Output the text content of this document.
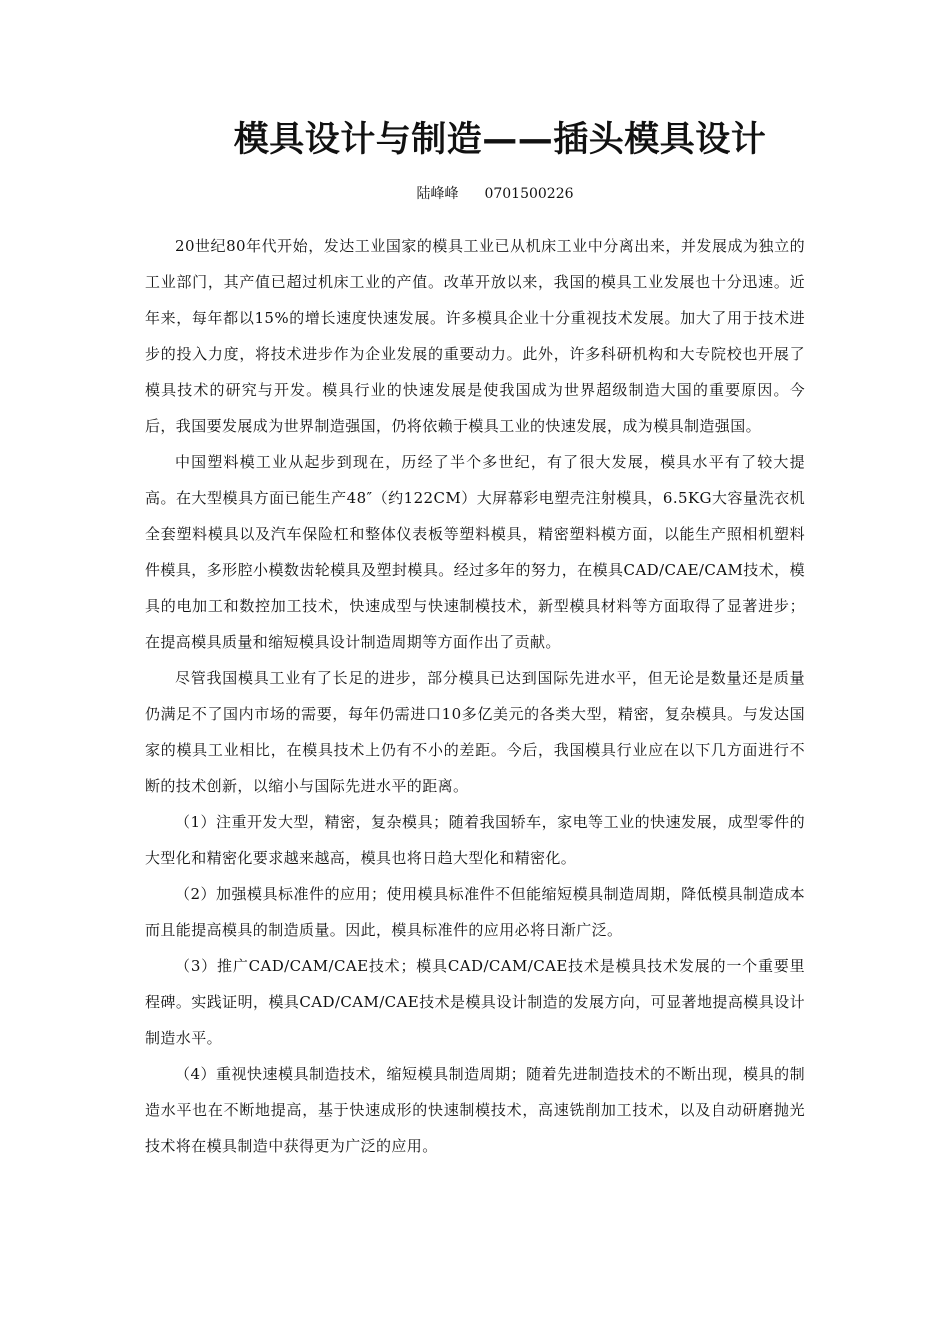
模具设计与制造——插头模具设计
陆峰峰 0701500226

20世纪80年代开始，发达工业国家的模具工业已从机床工业中分离出来，并发展成为独立的工业部门，其产值已超过机床工业的产值。改革开放以来，我国的模具工业发展也十分迅速。近年来，每年都以15%的增长速度快速发展。许多模具企业十分重视技术发展。加大了用于技术进步的投入力度，将技术进步作为企业发展的重要动力。此外，许多科研机构和大专院校也开展了模具技术的研究与开发。模具行业的快速发展是使我国成为世界超级制造大国的重要原因。今后，我国要发展成为世界制造强国，仍将依赖于模具工业的快速发展，成为模具制造强国。

中国塑料模工业从起步到现在，历经了半个多世纪，有了很大发展，模具水平有了较大提高。在大型模具方面已能生产48″（约122CM）大屏幕彩电塑壳注射模具，6.5KG大容量洗衣机全套塑料模具以及汽车保险杠和整体仪表板等塑料模具，精密塑料模方面，以能生产照相机塑料件模具，多形腔小模数齿轮模具及塑封模具。经过多年的努力，在模具CAD/CAE/CAM技术，模具的电加工和数控加工技术，快速成型与快速制模技术，新型模具材料等方面取得了显著进步；在提高模具质量和缩短模具设计制造周期等方面作出了贡献。

尽管我国模具工业有了长足的进步，部分模具已达到国际先进水平，但无论是数量还是质量仍满足不了国内市场的需要，每年仍需进口10多亿美元的各类大型，精密，复杂模具。与发达国家的模具工业相比，在模具技术上仍有不小的差距。今后，我国模具行业应在以下几方面进行不断的技术创新，以缩小与国际先进水平的距离。

（1）注重开发大型，精密，复杂模具；随着我国轿车，家电等工业的快速发展，成型零件的大型化和精密化要求越来越高，模具也将日趋大型化和精密化。

（2）加强模具标准件的应用；使用模具标准件不但能缩短模具制造周期，降低模具制造成本而且能提高模具的制造质量。因此，模具标准件的应用必将日渐广泛。

（3）推广CAD/CAM/CAE技术；模具CAD/CAM/CAE技术是模具技术发展的一个重要里程碑。实践证明，模具CAD/CAM/CAE技术是模具设计制造的发展方向，可显著地提高模具设计制造水平。

（4）重视快速模具制造技术，缩短模具制造周期；随着先进制造技术的不断出现，模具的制造水平也在不断地提高，基于快速成形的快速制模技术，高速铣削加工技术，以及自动研磨抛光技术将在模具制造中获得更为广泛的应用。
